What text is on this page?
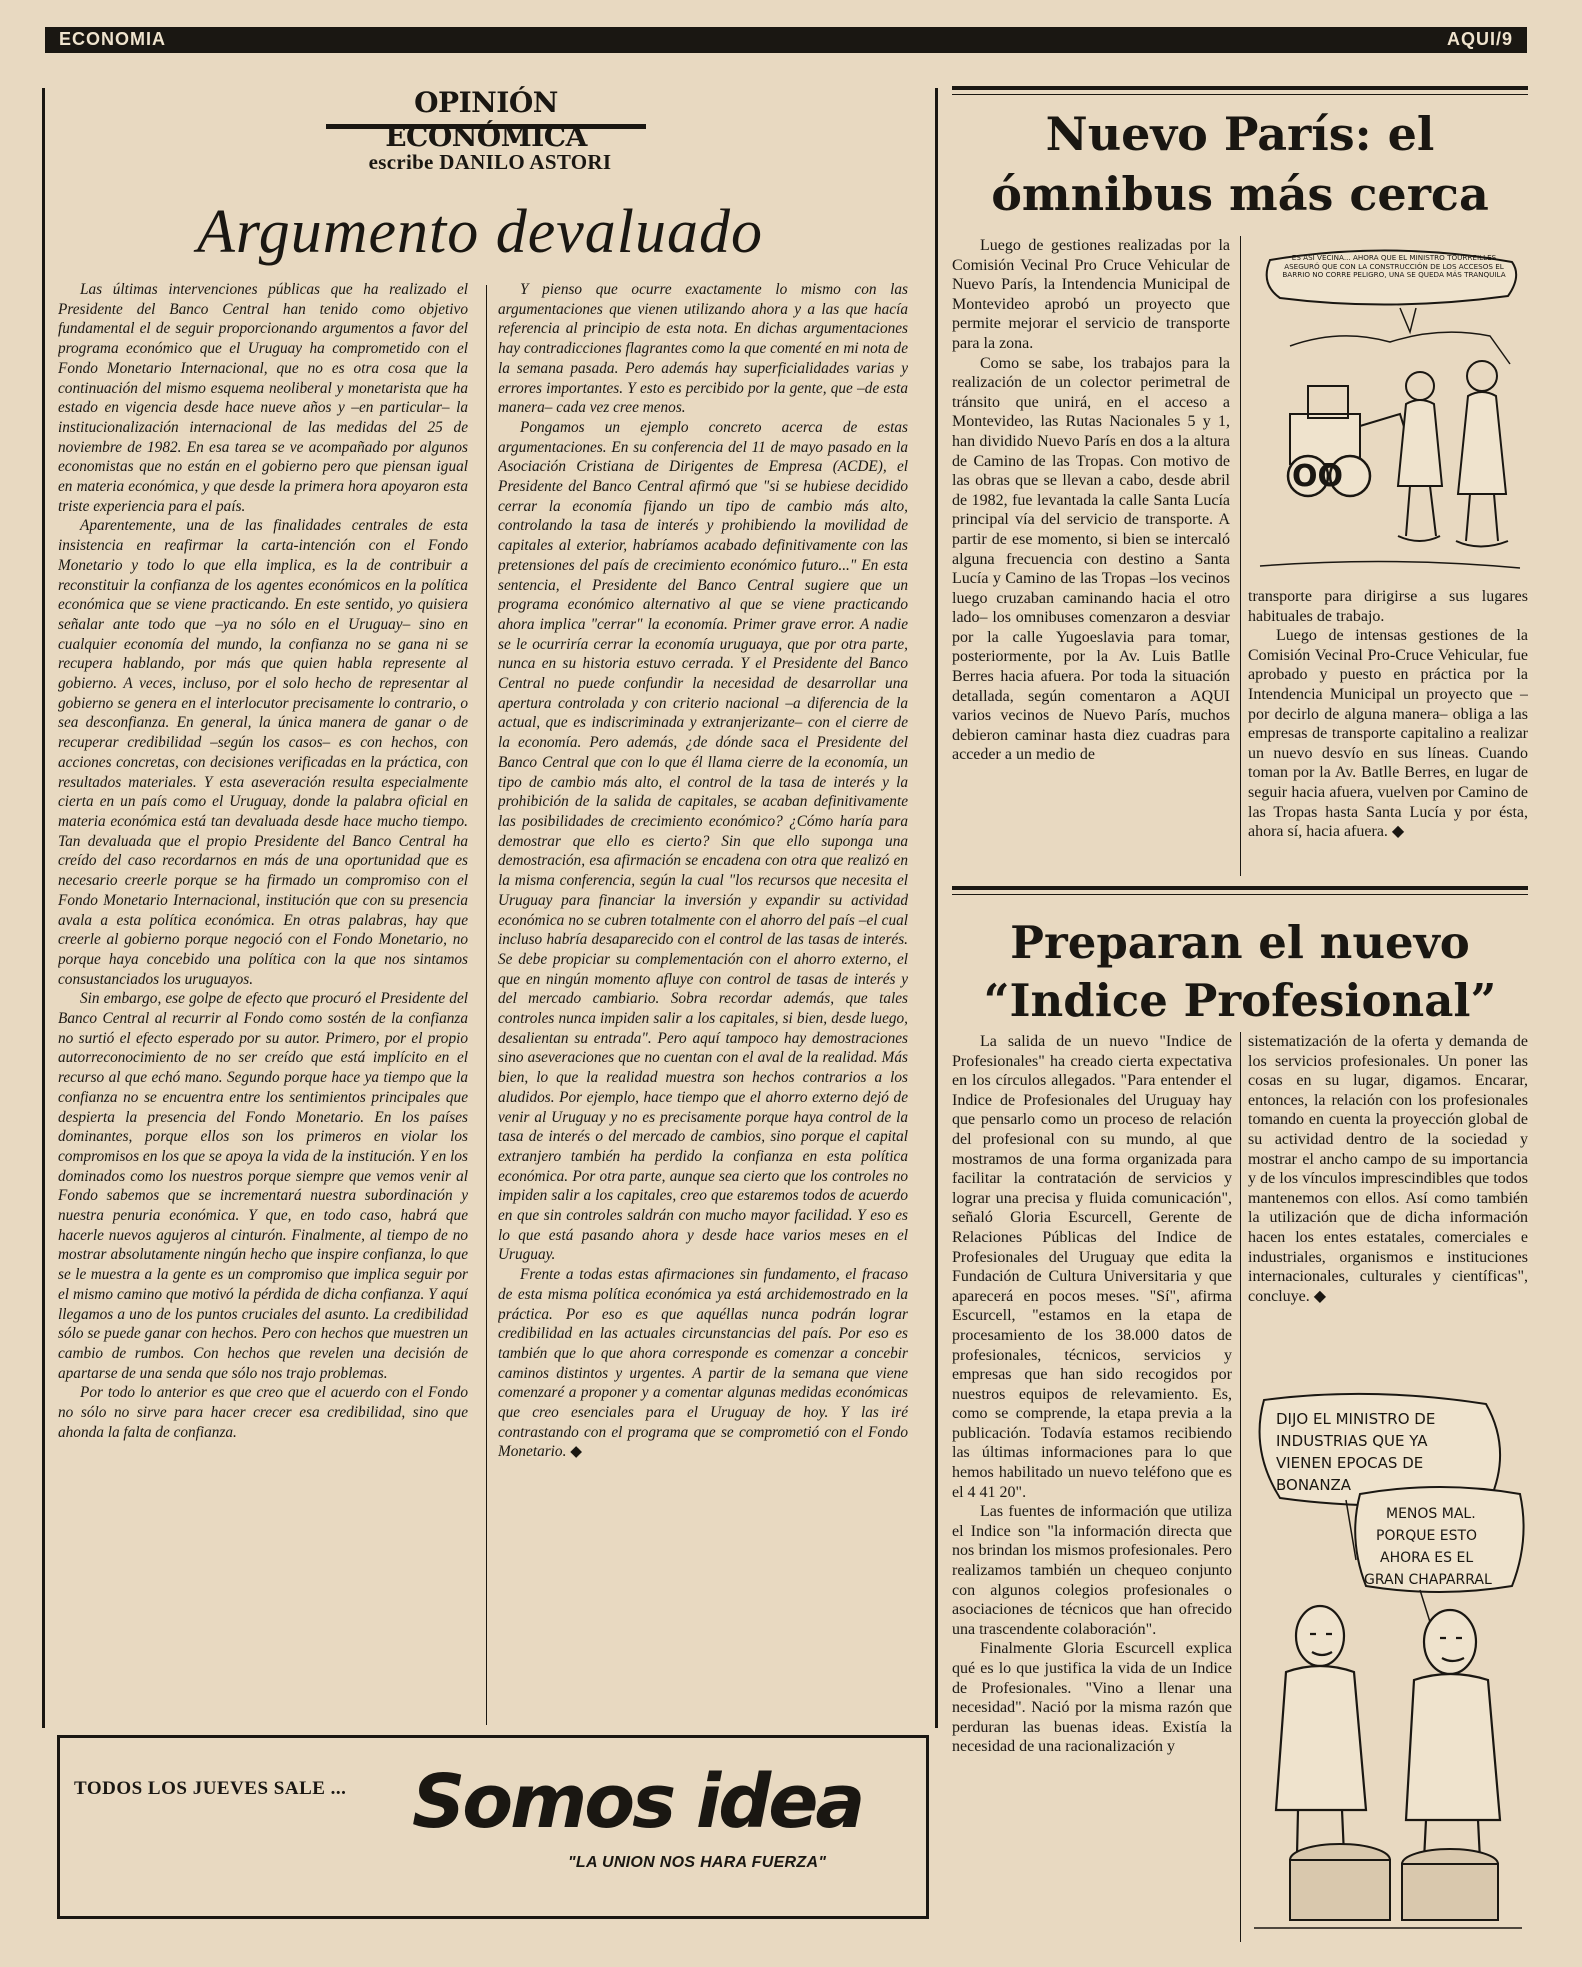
ECONOMIA	AQUI/9
OPINIÓN ECONÓMICA
escribe DANILO ASTORI
Argumento devaluado

Las últimas intervenciones públicas que ha realizado el Presidente del Banco Central han tenido como objetivo fundamental el de seguir proporcionando argumentos a favor del programa económico que el Uruguay ha comprometido con el Fondo Monetario Internacional, que no es otra cosa que la continuación del mismo esquema neoliberal y monetarista que ha estado en vigencia desde hace nueve años y –en particular– la institucionalización internacional de las medidas del 25 de noviembre de 1982. En esa tarea se ve acompañado por algunos economistas que no están en el gobierno pero que piensan igual en materia económica, y que desde la primera hora apoyaron esta triste experiencia para el país.

Aparentemente, una de las finalidades centrales de esta insistencia en reafirmar la carta-intención con el Fondo Monetario y todo lo que ella implica, es la de contribuir a reconstituir la confianza de los agentes económicos en la política económica que se viene practicando. En este sentido, yo quisiera señalar ante todo que –ya no sólo en el Uruguay– sino en cualquier economía del mundo, la confianza no se gana ni se recupera hablando, por más que quien habla represente al gobierno. A veces, incluso, por el solo hecho de representar al gobierno se genera en el interlocutor precisamente lo contrario, o sea desconfianza. En general, la única manera de ganar o de recuperar credibilidad –según los casos– es con hechos, con acciones concretas, con decisiones verificadas en la práctica, con resultados materiales. Y esta aseveración resulta especialmente cierta en un país como el Uruguay, donde la palabra oficial en materia económica está tan devaluada desde hace mucho tiempo. Tan devaluada que el propio Presidente del Banco Central ha creído del caso recordarnos en más de una oportunidad que es necesario creerle porque se ha firmado un compromiso con el Fondo Monetario Internacional, institución que con su presencia avala a esta política económica. En otras palabras, hay que creerle al gobierno porque negoció con el Fondo Monetario, no porque haya concebido una política con la que nos sintamos consustanciados los uruguayos.

Sin embargo, ese golpe de efecto que procuró el Presidente del Banco Central al recurrir al Fondo como sostén de la confianza no surtió el efecto esperado por su autor. Primero, por el propio autorreconocimiento de no ser creído que está implícito en el recurso al que echó mano. Segundo porque hace ya tiempo que la confianza no se encuentra entre los sentimientos principales que despierta la presencia del Fondo Monetario. En los países dominantes, porque ellos son los primeros en violar los compromisos en los que se apoya la vida de la institución. Y en los dominados como los nuestros porque siempre que vemos venir al Fondo sabemos que se incrementará nuestra subordinación y nuestra penuria económica. Y que, en todo caso, habrá que hacerle nuevos agujeros al cinturón. Finalmente, al tiempo de no mostrar absolutamente ningún hecho que inspire confianza, lo que se le muestra a la gente es un compromiso que implica seguir por el mismo camino que motivó la pérdida de dicha confianza. Y aquí llegamos a uno de los puntos cruciales del asunto. La credibilidad sólo se puede ganar con hechos. Pero con hechos que muestren un cambio de rumbos. Con hechos que revelen una decisión de apartarse de una senda que sólo nos trajo problemas.

Por todo lo anterior es que creo que el acuerdo con el Fondo no sólo no sirve para hacer crecer esa credibilidad, sino que ahonda la falta de confianza.

Y pienso que ocurre exactamente lo mismo con las argumentaciones que vienen utilizando ahora y a las que hacía referencia al principio de esta nota. En dichas argumentaciones hay contradicciones flagrantes como la que comenté en mi nota de la semana pasada. Pero además hay superficialidades varias y errores importantes. Y esto es percibido por la gente, que –de esta manera– cada vez cree menos.

Pongamos un ejemplo concreto acerca de estas argumentaciones. En su conferencia del 11 de mayo pasado en la Asociación Cristiana de Dirigentes de Empresa (ACDE), el Presidente del Banco Central afirmó que "si se hubiese decidido cerrar la economía fijando un tipo de cambio más alto, controlando la tasa de interés y prohibiendo la movilidad de capitales al exterior, habríamos acabado definitivamente con las pretensiones del país de crecimiento económico futuro..." En esta sentencia, el Presidente del Banco Central sugiere que un programa económico alternativo al que se viene practicando ahora implica "cerrar" la economía. Primer grave error. A nadie se le ocurriría cerrar la economía uruguaya, que por otra parte, nunca en su historia estuvo cerrada. Y el Presidente del Banco Central no puede confundir la necesidad de desarrollar una apertura controlada y con criterio nacional –a diferencia de la actual, que es indiscriminada y extranjerizante– con el cierre de la economía. Pero además, ¿de dónde saca el Presidente del Banco Central que con lo que él llama cierre de la economía, un tipo de cambio más alto, el control de la tasa de interés y la prohibición de la salida de capitales, se acaban definitivamente las posibilidades de crecimiento económico? ¿Cómo haría para demostrar que ello es cierto? Sin que ello suponga una demostración, esa afirmación se encadena con otra que realizó en la misma conferencia, según la cual "los recursos que necesita el Uruguay para financiar la inversión y expandir su actividad económica no se cubren totalmente con el ahorro del país –el cual incluso habría desaparecido con el control de las tasas de interés. Se debe propiciar su complementación con el ahorro externo, el que en ningún momento afluye con control de tasas de interés y del mercado cambiario. Sobra recordar además, que tales controles nunca impiden salir a los capitales, si bien, desde luego, desalientan su entrada". Pero aquí tampoco hay demostraciones sino aseveraciones que no cuentan con el aval de la realidad. Más bien, lo que la realidad muestra son hechos contrarios a los aludidos. Por ejemplo, hace tiempo que el ahorro externo dejó de venir al Uruguay y no es precisamente porque haya control de la tasa de interés o del mercado de cambios, sino porque el capital extranjero también ha perdido la confianza en esta política económica. Por otra parte, aunque sea cierto que los controles no impiden salir a los capitales, creo que estaremos todos de acuerdo en que sin controles saldrán con mucho mayor facilidad. Y eso es lo que está pasando ahora y desde hace varios meses en el Uruguay.

Frente a todas estas afirmaciones sin fundamento, el fracaso de esta misma política económica ya está archidemostrado en la práctica. Por eso es que aquéllas nunca podrán lograr credibilidad en las actuales circunstancias del país. Por eso es también que lo que ahora corresponde es comenzar a concebir caminos distintos y urgentes. A partir de la semana que viene comenzaré a proponer y a comentar algunas medidas económicas que creo esenciales para el Uruguay de hoy. Y las iré contrastando con el programa que se comprometió con el Fondo Monetario. ◆

TODOS LOS JUEVES SALE ... Somos idea
"LA UNION NOS HARA FUERZA"
Nuevo París: el
ómnibus más cerca

Luego de gestiones realizadas por la Comisión Vecinal Pro Cruce Vehicular de Nuevo París, la Intendencia Municipal de Montevideo aprobó un proyecto que permite mejorar el servicio de transporte para la zona.

Como se sabe, los trabajos para la realización de un colector perimetral de tránsito que unirá, en el acceso a Montevideo, las Rutas Nacionales 5 y 1, han dividido Nuevo París en dos a la altura de Camino de las Tropas. Con motivo de las obras que se llevan a cabo, desde abril de 1982, fue levantada la calle Santa Lucía principal vía del servicio de transporte. A partir de ese momento, si bien se intercaló alguna frecuencia con destino a Santa Lucía y Camino de las Tropas –los vecinos luego cruzaban caminando hacia el otro lado– los omnibuses comenzaron a desviar por la calle Yugoeslavia para tomar, posteriormente, por la Av. Luis Batlle Berres hacia afuera. Por toda la situación detallada, según comentaron a AQUI varios vecinos de Nuevo París, muchos debieron caminar hasta diez cuadras para acceder a un medio de

ES ASÍ VECINA... AHORA QUE EL MINISTRO TOURREILLES ASEGURÓ QUE CON LA CONSTRUCCIÓN DE LOS ACCESOS EL BARRIO NO CORRE PELIGRO, UNA SE QUEDA MÁS TRANQUILA
OO

transporte para dirigirse a sus lugares habituales de trabajo.

Luego de intensas gestiones de la Comisión Vecinal Pro-Cruce Vehicular, fue aprobado y puesto en práctica por la Intendencia Municipal un proyecto que –por decirlo de alguna manera– obliga a las empresas de transporte capitalino a realizar un nuevo desvío en sus líneas. Cuando toman por la Av. Batlle Berres, en lugar de seguir hacia afuera, vuelven por Camino de las Tropas hasta Santa Lucía y por ésta, ahora sí, hacia afuera. ◆

Preparan el nuevo
“Indice Profesional”

La salida de un nuevo "Indice de Profesionales" ha creado cierta expectativa en los círculos allegados. "Para entender el Indice de Profesionales del Uruguay hay que pensarlo como un proceso de relación del profesional con su mundo, al que mostramos de una forma organizada para facilitar la contratación de servicios y lograr una precisa y fluida comunicación", señaló Gloria Escurcell, Gerente de Relaciones Públicas del Indice de Profesionales del Uruguay que edita la Fundación de Cultura Universitaria y que aparecerá en pocos meses. "Sí", afirma Escurcell, "estamos en la etapa de procesamiento de los 38.000 datos de profesionales, técnicos, servicios y empresas que han sido recogidos por nuestros equipos de relevamiento. Es, como se comprende, la etapa previa a la publicación. Todavía estamos recibiendo las últimas informaciones para lo que hemos habilitado un nuevo teléfono que es el 4 41 20".

Las fuentes de información que utiliza el Indice son "la información directa que nos brindan los mismos profesionales. Pero realizamos también un chequeo conjunto con algunos colegios profesionales o asociaciones de técnicos que han ofrecido una trascendente colaboración".

Finalmente Gloria Escurcell explica qué es lo que justifica la vida de un Indice de Profesionales. "Vino a llenar una necesidad". Nació por la misma razón que perduran las buenas ideas. Existía la necesidad de una racionalización y

sistematización de la oferta y demanda de los servicios profesionales. Un poner las cosas en su lugar, digamos. Encarar, entonces, la relación con los profesionales tomando en cuenta la proyección global de su actividad dentro de la sociedad y mostrar el ancho campo de su importancia y de los vínculos imprescindibles que todos mantenemos con ellos. Así como también la utilización que de dicha información hacen los entes estatales, comerciales e industriales, organismos e instituciones internacionales, culturales y científicas", concluye. ◆

DIJO EL MINISTRO DE INDUSTRIAS QUE YA VIENEN EPOCAS DE BONANZA
MENOS MAL. PORQUE ESTO AHORA ES EL GRAN CHAPARRAL
